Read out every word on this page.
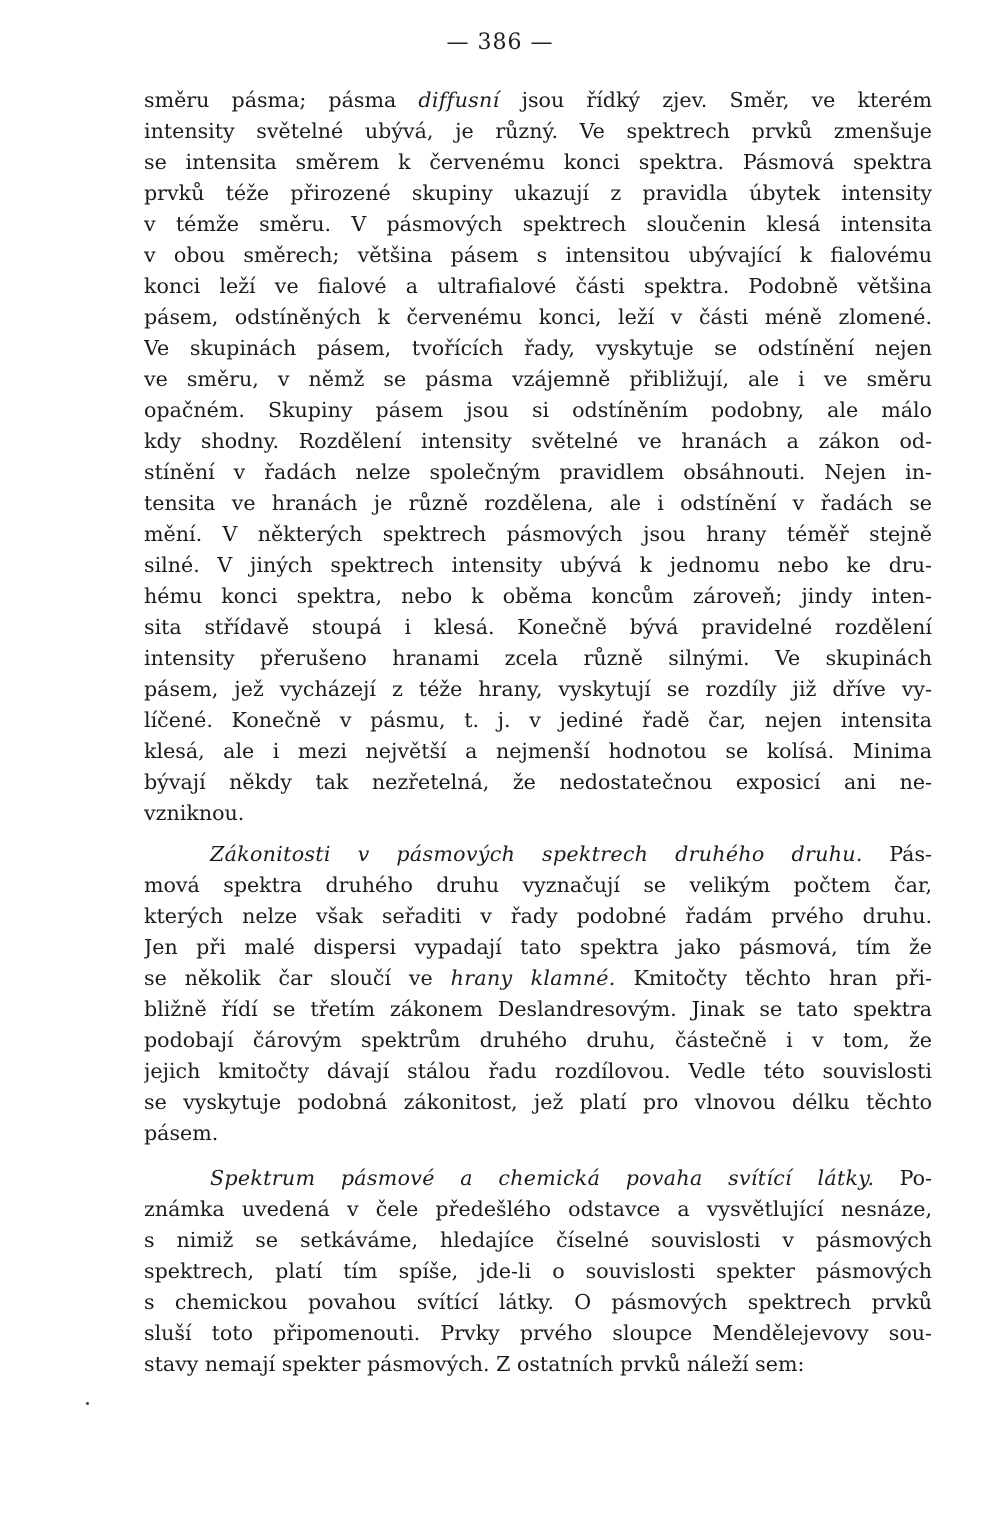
— 386 —
směru pásma; pásma diffusní jsou řídký zjev. Směr, ve kterém
intensity světelné ubývá, je různý. Ve spektrech prvků zmenšuje
se intensita směrem k červenému konci spektra. Pásmová spektra
prvků téže přirozené skupiny ukazují z pravidla úbytek intensity
v témže směru. V pásmových spektrech sloučenin klesá intensita
v obou směrech; většina pásem s intensitou ubývající k fialovému
konci leží ve fialové a ultrafialové části spektra. Podobně většina
pásem, odstíněných k červenému konci, leží v části méně zlomené.
Ve skupinách pásem, tvořících řady, vyskytuje se odstínění nejen
ve směru, v němž se pásma vzájemně přibližují, ale i ve směru
opačném. Skupiny pásem jsou si odstíněním podobny, ale málo
kdy shodny. Rozdělení intensity světelné ve hranách a zákon od-
stínění v řadách nelze společným pravidlem obsáhnouti. Nejen in-
tensita ve hranách je různě rozdělena, ale i odstínění v řadách se
mění. V některých spektrech pásmových jsou hrany téměř stejně
silné. V jiných spektrech intensity ubývá k jednomu nebo ke dru-
hému konci spektra, nebo k oběma koncům zároveň; jindy inten-
sita střídavě stoupá i klesá. Konečně bývá pravidelné rozdělení
intensity přerušeno hranami zcela různě silnými. Ve skupinách
pásem, jež vycházejí z téže hrany, vyskytují se rozdíly již dříve vy-
líčené. Konečně v pásmu, t. j. v jediné řadě čar, nejen intensita
klesá, ale i mezi největší a nejmenší hodnotou se kolísá. Minima
bývají někdy tak nezřetelná, že nedostatečnou exposicí ani ne-
vzniknou.
Zákonitosti v pásmových spektrech druhého druhu. Pás-
mová spektra druhého druhu vyznačují se velikým počtem čar,
kterých nelze však seřaditi v řady podobné řadám prvého druhu.
Jen při malé dispersi vypadají tato spektra jako pásmová, tím že
se několik čar sloučí ve hrany klamné. Kmitočty těchto hran při-
bližně řídí se třetím zákonem Deslandresovým. Jinak se tato spektra
podobají čárovým spektrům druhého druhu, částečně i v tom, že
jejich kmitočty dávají stálou řadu rozdílovou. Vedle této souvislosti
se vyskytuje podobná zákonitost, jež platí pro vlnovou délku těchto
pásem.
Spektrum pásmové a chemická povaha svítící látky. Po-
známka uvedená v čele předešlého odstavce a vysvětlující nesnáze,
s nimiž se setkáváme, hledajíce číselné souvislosti v pásmových
spektrech, platí tím spíše, jde-li o souvislosti spekter pásmových
s chemickou povahou svítící látky. O pásmových spektrech prvků
sluší toto připomenouti. Prvky prvého sloupce Mendělejevovy sou-
stavy nemají spekter pásmových. Z ostatních prvků náleží sem:
